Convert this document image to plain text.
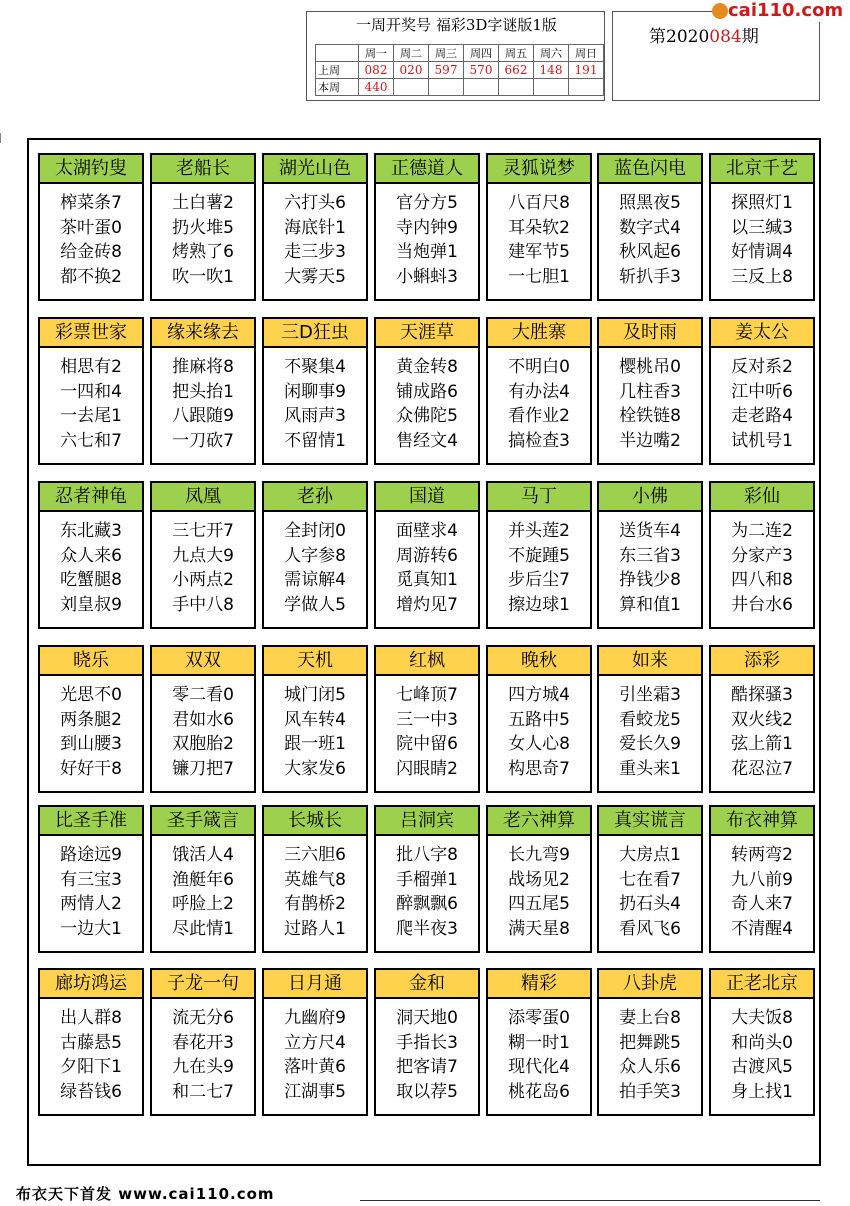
一周开奖号 福彩3D字谜版1版
	周一	周二	周三	周四	周五	周六	周日
上周	082	020	597	570	662	148	191
本周	440						
第2020084期
cai110.com
太湖钓叟
榨菜条7
茶叶蛋0
给金砖8
都不换2
老船长
土白薯2
扔火堆5
烤熟了6
吹一吹1
湖光山色
六打头6
海底针1
走三步3
大雾天5
正德道人
官分方5
寺内钟9
当炮弹1
小蝌蚪3
灵狐说梦
八百尺8
耳朵软2
建军节5
一七胆1
蓝色闪电
照黑夜5
数字式4
秋风起6
斩扒手3
北京千艺
探照灯1
以三缄3
好情调4
三反上8
彩票世家
相思有2
一四和4
一去尾1
六七和7
缘来缘去
推麻将8
把头抬1
八跟随9
一刀砍7
三D狂虫
不聚集4
闲聊事9
风雨声3
不留情1
天涯草
黄金转8
铺成路6
众佛陀5
售经文4
大胜寨
不明白0
有办法4
看作业2
搞检查3
及时雨
樱桃吊0
几柱香3
栓铁链8
半边嘴2
姜太公
反对系2
江中听6
走老路4
试机号1
忍者神龟
东北藏3
众人来6
吃蟹腿8
刘皇叔9
凤凰
三七开7
九点大9
小两点2
手中八8
老孙
全封闭0
人字参8
需谅解4
学做人5
国道
面壁求4
周游转6
觅真知1
增灼见7
马丁
并头莲2
不旋踵5
步后尘7
擦边球1
小佛
送货车4
东三省3
挣钱少8
算和值1
彩仙
为二连2
分家产3
四八和8
井台水6
晓乐
光思不0
两条腿2
到山腰3
好好干8
双双
零二看0
君如水6
双胞胎2
镰刀把7
天机
城门闭5
风车转4
跟一班1
大家发6
红枫
七峰顶7
三一中3
院中留6
闪眼睛2
晚秋
四方城4
五路中5
女人心8
构思奇7
如来
引坐霜3
看蛟龙5
爱长久9
重头来1
添彩
酷探骚3
双火线2
弦上箭1
花忍泣7
比圣手准
路途远9
有三宝3
两情人2
一边大1
圣手箴言
饿活人4
渔艇年6
呼脸上2
尽此情1
长城长
三六胆6
英雄气8
有鹊桥2
过路人1
吕洞宾
批八字8
手榴弹1
醉飘飘6
爬半夜3
老六神算
长九弯9
战场见2
四五尾5
满天星8
真实谎言
大房点1
七在看7
扔石头4
看风飞6
布衣神算
转两弯2
九八前9
奇人来7
不清醒4
廊坊鸿运
出人群8
古藤悬5
夕阳下1
绿苔钱6
子龙一句
流无分6
春花开3
九在头9
和二七7
日月通
九幽府9
立方尺4
落叶黄6
江湖事5
金和
洞天地0
手指长3
把客请7
取以荐5
精彩
添零蛋0
糊一时1
现代化4
桃花岛6
八卦虎
妻上台8
把舞跳5
众人乐6
拍手笑3
正老北京
大夫饭8
和尚头0
古渡风5
身上找1
布衣天下首发 www.cai110.com
